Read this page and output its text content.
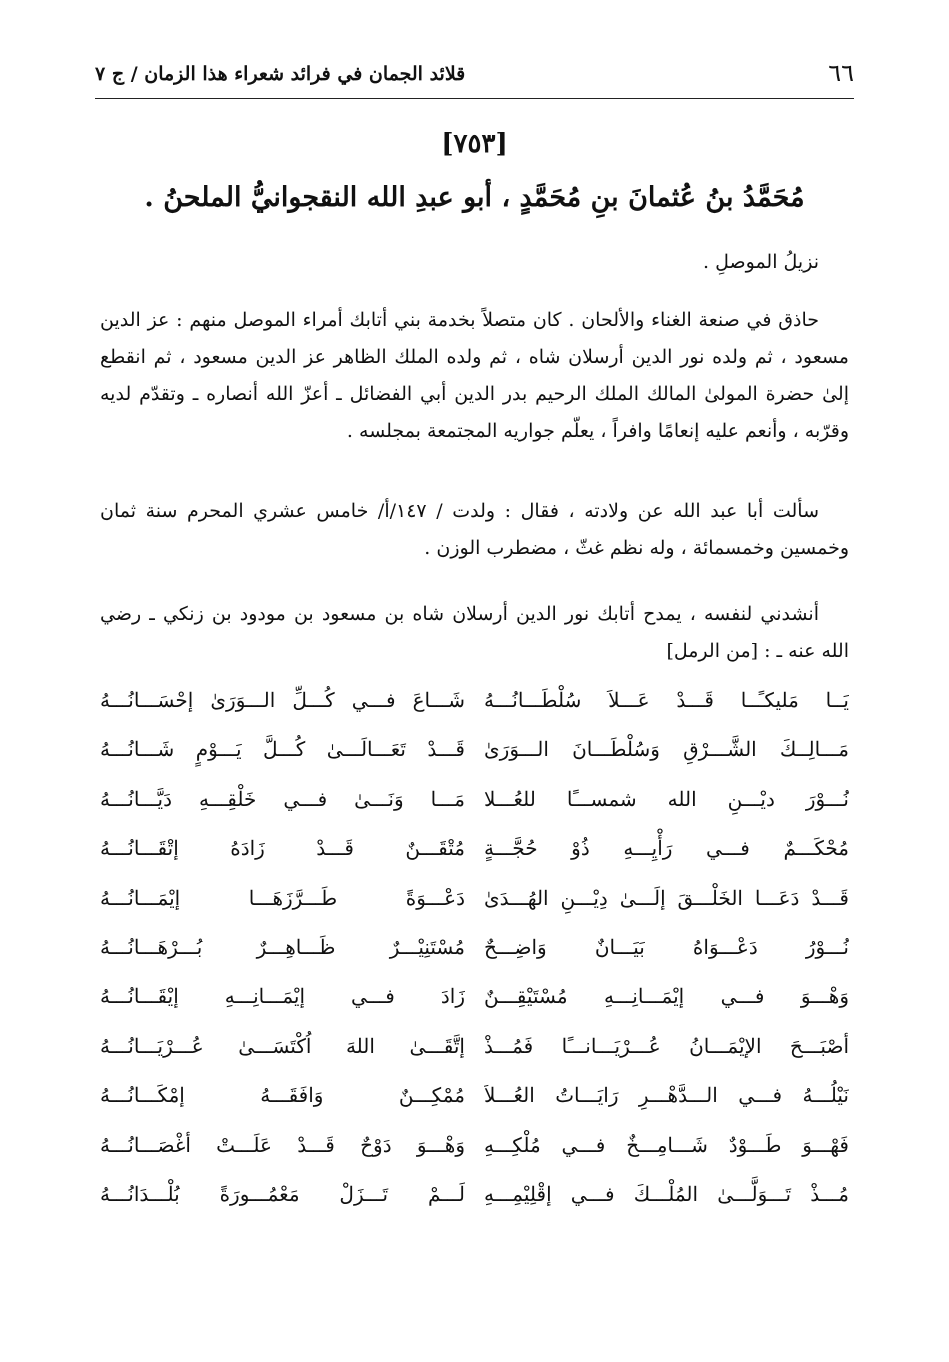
٦٦
قلائد الجمان في فرائد شعراء هذا الزمان / ج ٧
[٧٥٣]
مُحَمَّدُ بنُ عُثمانَ بنِ مُحَمَّدٍ ، أبو عبدِ الله النقجوانيُّ الملحنُ .
نزيلُ الموصلِ .
حاذق في صنعة الغناء والألحان . كان متصلاً بخدمة بني أتابك أمراء الموصل منهم : عز الدين مسعود ، ثم ولده نور الدين أرسلان شاه ، ثم ولده الملك الظاهر عز الدين مسعود ، ثم انقطع إلىٰ حضرة المولىٰ المالك الملك الرحيم بدر الدين أبي الفضائل ـ أعزّ الله أنصاره ـ وتقدّم لديه وقرّبه ، وأنعم عليه إنعامًا وافراً ، يعلّم جواريه المجتمعة بمجلسه .
سألت أبا عبد الله عن ولادته ، فقال : ولدت / ١٤٧/أ/ خامس عشري المحرم سنة ثمان وخمسين وخمسمائة ، وله نظم غثّ ، مضطرب الوزن .
أنشدني لنفسه ، يمدح أتابك نور الدين أرسلان شاه بن مسعود بن مودود بن زنكي ـ رضي الله عنه ـ : [من الرمل]
يَــا مَليكـًــا قَـــدْ عَـــلاَ سُلْطَـــانُـــهُ
شَـــاعَ فـــي كُـــلِّ الـــوَرَىٰ إحْسَـــانُـــهُ
مَـــالِــكَ الشَّـــرْقِ وَسُلْطَـــانَ الـــوَرَىٰ
قَـــدْ تَعَـــالَـــىٰ كُـــلَّ يَـــوْمٍ شَـــانُـــهُ
نُـــوْرَ ديْـــنِ الله شمســـًا للعُـــلا
مَـــا وَنَـــىٰ فـــي خَلْقِـــهِ دَيَّـــانُـــهُ
مُحْكَـــمٌ فـــي رَأْيِـــهِ ذُوْ حُجَّـــةٍ
مُتْقَـــنٌ قَـــدْ زَادَهُ إتْقَـــانُـــهُ
قَـــدْ دَعَـــا الخَلْـــقَ إلَـــىٰ دِيْـــنِ الهُـــدَىٰ
دَعْـــوَةً طَـــرَّزَهَـــا إيْمَـــانُـــهُ
نُـــوْرُ دَعْـــوَاهُ بَيَـــانٌ وَاضِـــحٌ
مُسْتَنِيْـــرٌ ظَـــاهِـــرٌ بُـــرْهَـــانُـــهُ
وَهْـــوَ فـــي إيْمَـــانِـــهِ مُسْتَيْقِـــنٌ
زَادَ فـــي إيْمَـــانِـــهِ إيْقَـــانُـــهُ
أصْبَـــحَ الإيْمَـــانُ عُـــرْيَـــانـــًا فَمُـــذْ
إتَّقَـــىٰ اللهَ اُكْتَسَـــىٰ عُـــرْيَـــانُـــهُ
نَيْلُـــهُ فـــي الـــدَّهْـــرِ رَايَـــاتُ العُـــلاَ
مُمْكِـــنٌ وَافَقَـــهُ إمْكَـــانُـــهُ
فَهْـــوَ طَـــوْدٌ شَـــامِـــخٌ فـــي مُلْكِـــهِ
وَهْـــوَ دَوْحٌ قَـــدْ عَلَـــتْ أغْصَـــانُـــهُ
مُـــذْ تَـــوَلَّـــىٰ المُلْـــكَ فـــي إقْلِيْمِـــهِ
لَـــمْ تَـــزَلْ مَعْمُـــورَةً بُلْـــدَانُـــهُ
